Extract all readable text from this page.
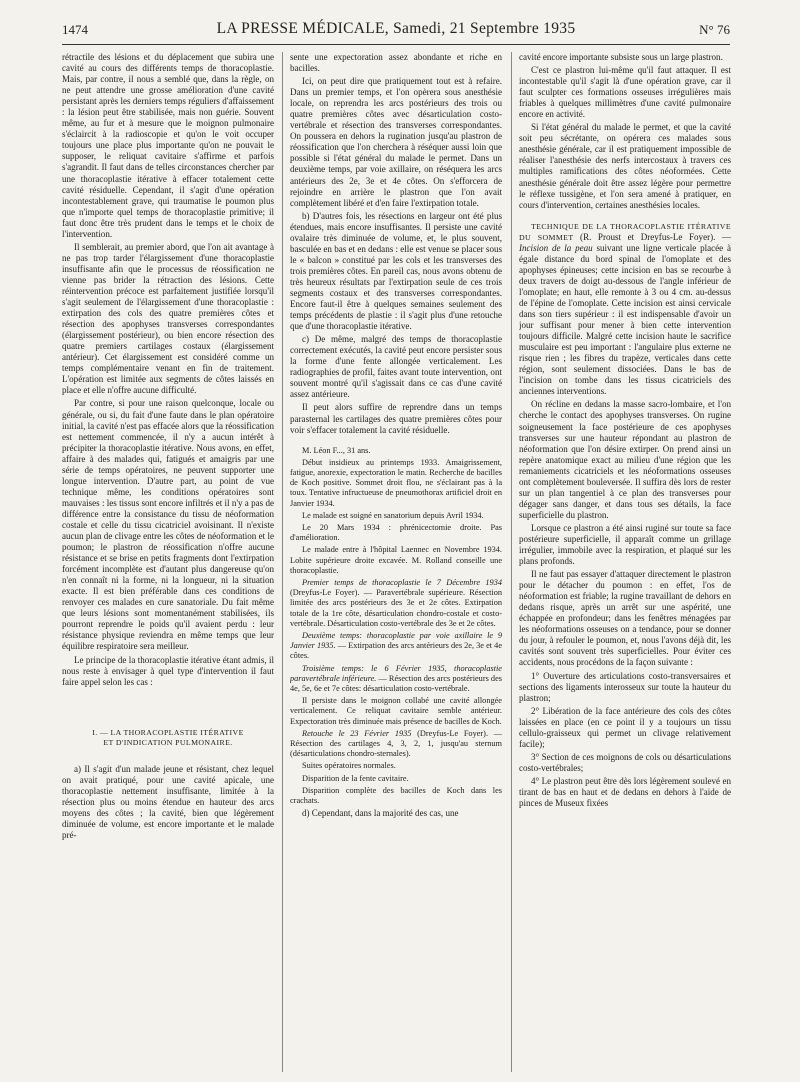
1474	LA PRESSE MÉDICALE, Samedi, 21 Septembre 1935	N° 76

rétractile des lésions et du déplacement que subira une cavité au cours des différents temps de thoracoplastie. Mais, par contre, il nous a semblé que, dans la règle, on ne peut attendre une grosse amélioration d'une cavité persistant après les derniers temps réguliers d'affaissement : la lésion peut être stabilisée, mais non guérie. Souvent même, au fur et à mesure que le moignon pulmonaire s'éclaircit à la radioscopie et qu'on le voit occuper toujours une place plus importante qu'on ne pouvait le supposer, le reliquat cavitaire s'affirme et parfois s'agrandit. Il faut dans de telles circonstances chercher par une thoracoplastie itérative à effacer totalement cette cavité résiduelle. Cependant, il s'agit d'une opération incontestablement grave, qui traumatise le poumon plus que n'importe quel temps de thoracoplastie primitive; il faut donc être très prudent dans le temps et le choix de l'intervention.

Il semblerait, au premier abord, que l'on ait avantage à ne pas trop tarder l'élargissement d'une thoracoplastie insuffisante afin que le processus de réossification ne vienne pas brider la rétraction des lésions. Cette réintervention précoce est parfaitement justifiée lorsqu'il s'agit seulement de l'élargissement d'une thoracoplastie : extirpation des cols des quatre premières côtes et résection des apophyses transverses correspondantes (élargissement postérieur), ou bien encore résection des quatre premiers cartilages costaux (élargissement antérieur). Cet élargissement est considéré comme un temps complémentaire venant en fin de traitement. L'opération est limitée aux segments de côtes laissés en place et elle n'offre aucune difficulté.

Par contre, si pour une raison quelconque, locale ou générale, ou si, du fait d'une faute dans le plan opératoire initial, la cavité n'est pas effacée alors que la réossification est nettement commencée, il n'y a aucun intérêt à précipiter la thoracoplastie itérative. Nous avons, en effet, affaire à des malades qui, fatigués et amaigris par une série de temps opératoires, ne peuvent supporter une longue intervention. D'autre part, au point de vue technique même, les conditions opératoires sont mauvaises : les tissus sont encore infiltrés et il n'y a pas de différence entre la consistance du tissu de néoformation costale et celle du tissu cicatriciel avoisinant. Il n'existe aucun plan de clivage entre les côtes de néoformation et le poumon; le plastron de réossification n'offre aucune résistance et se brise en petits fragments dont l'extirpation forcément incomplète est d'autant plus dangereuse qu'on n'en connaît ni la forme, ni la longueur, ni la situation exacte. Il est bien préférable dans ces conditions de renvoyer ces malades en cure sanatoriale. Du fait même que leurs lésions sont momentanément stabilisées, ils pourront reprendre le poids qu'il avaient perdu : leur résistance physique reviendra en même temps que leur équilibre respiratoire sera meilleur.

Le principe de la thoracoplastie itérative étant admis, il nous reste à envisager à quel type d'intervention il faut faire appel selon les cas :

I. — LA THORACOPLASTIE ITÉRATIVE
ET D'INDICATION PULMONAIRE.

a) Il s'agit d'un malade jeune et résistant, chez lequel on avait pratiqué, pour une cavité apicale, une thoracoplastie nettement insuffisante, limitée à la résection plus ou moins étendue en hauteur des arcs moyens des côtes ; la cavité, bien que légèrement diminuée de volume, est encore importante et le malade pré-

sente une expectoration assez abondante et riche en bacilles.

Ici, on peut dire que pratiquement tout est à refaire. Dans un premier temps, et l'on opèrera sous anesthésie locale, on reprendra les arcs postérieurs des trois ou quatre premières côtes avec désarticulation costo-vertébrale et résection des transverses correspondantes. On poussera en dehors la rugination jusqu'au plastron de réossification que l'on cherchera à réséquer aussi loin que possible si l'état général du malade le permet. Dans un deuxième temps, par voie axillaire, on réséquera les arcs antérieurs des 2e, 3e et 4e côtes. On s'efforcera de rejoindre en arrière le plastron que l'on avait complètement libéré et d'en faire l'extirpation totale.

b) D'autres fois, les résections en largeur ont été plus étendues, mais encore insuffisantes. Il persiste une cavité ovalaire très diminuée de volume, et, le plus souvent, basculée en bas et en dedans : elle est venue se placer sous le « balcon » constitué par les cols et les transverses des trois premières côtes. En pareil cas, nous avons obtenu de très heureux résultats par l'extirpation seule de ces trois segments costaux et des transverses correspondantes. Encore faut-il être à quelques semaines seulement des temps précédents de plastie : il s'agit plus d'une retouche que d'une thoracoplastie itérative.

c) De même, malgré des temps de thoracoplastie correctement exécutés, la cavité peut encore persister sous la forme d'une fente allongée verticalement. Les radiographies de profil, faites avant toute intervention, ont souvent montré qu'il s'agissait dans ce cas d'une cavité assez antérieure.

Il peut alors suffire de reprendre dans un temps parasternal les cartilages des quatre premières côtes pour voir s'effacer totalement la cavité résiduelle.

M. Léon F..., 31 ans.

Début insidieux au printemps 1933. Amaigrissement, fatigue, anorexie, expectoration le matin. Recherche de bacilles de Koch positive. Sommet droit flou, ne s'éclairant pas à la toux. Tentative infructueuse de pneumothorax artificiel droit en Janvier 1934.

Le malade est soigné en sanatorium depuis Avril 1934.

Le 20 Mars 1934 : phrénicectomie droite. Pas d'amélioration.

Le malade entre à l'hôpital Laennec en Novembre 1934. Lobite supérieure droite excavée. M. Rolland conseille une thoracoplastie.

Premier temps de thoracoplastie le 7 Décembre 1934 (Dreyfus-Le Foyer). — Paravertébrale supérieure. Résection limitée des arcs postérieurs des 3e et 2e côtes. Extirpation totale de la 1re côte, désarticulation chondro-costale et costo-vertébrale. Désarticulation costo-vertébrale des 3e et 2e côtes.

Deuxième temps: thoracoplastie par voie axillaire le 9 Janvier 1935. — Extirpation des arcs antérieurs des 2e, 3e et 4e côtes.

Troisième temps: le 6 Février 1935, thoracoplastie paravertébrale inférieure. — Résection des arcs postérieurs des 4e, 5e, 6e et 7e côtes: désarticulation costo-vertébrale.

Il persiste dans le moignon collabé une cavité allongée verticalement. Ce reliquat cavitaire semble antérieur. Expectoration très diminuée mais présence de bacilles de Koch.

Retouche le 23 Février 1935 (Dreyfus-Le Foyer). — Résection des cartilages 4, 3, 2, 1, jusqu'au sternum (désarticulations chondro-sternales).

Suites opératoires normales.

Disparition de la fente cavitaire.

Disparition complète des bacilles de Koch dans les crachats.

d) Cependant, dans la majorité des cas, une

cavité encore importante subsiste sous un large plastron.

C'est ce plastron lui-même qu'il faut attaquer. Il est incontestable qu'il s'agit là d'une opération grave, car il faut sculpter ces formations osseuses irrégulières mais friables à quelques millimètres d'une cavité pulmonaire encore en activité.

Si l'état général du malade le permet, et que la cavité soit peu sécrétante, on opérera ces malades sous anesthésie générale, car il est pratiquement impossible de réaliser l'anesthésie des nerfs intercostaux à travers ces multiples ramifications des côtes néoformées. Cette anesthésie générale doit être assez légère pour permettre le réflexe tussigène, et l'on sera amené à pratiquer, en cours d'intervention, certaines anesthésies locales.

TECHNIQUE DE LA THORACOPLASTIE ITÉRATIVE DU SOMMET (R. Proust et Dreyfus-Le Foyer). — Incision de la peau suivant une ligne verticale placée à égale distance du bord spinal de l'omoplate et des apophyses épineuses; cette incision en bas se recourbe à deux travers de doigt au-dessous de l'angle inférieur de l'omoplate; en haut, elle remonte à 3 ou 4 cm. au-dessus de l'épine de l'omoplate. Cette incision est ainsi cervicale dans son tiers supérieur : il est indispensable d'avoir un jour suffisant pour mener à bien cette intervention toujours difficile. Malgré cette incision haute le sacrifice musculaire est peu important : l'angulaire plus externe ne risque rien ; les fibres du trapèze, verticales dans cette région, sont seulement dissociées. Dans le bas de l'incision on tombe dans les tissus cicatriciels des anciennes interventions.

On récline en dedans la masse sacro-lombaire, et l'on cherche le contact des apophyses transverses. On rugine soigneusement la face postérieure de ces apophyses transverses sur une hauteur répondant au plastron de néoformation que l'on désire extirper. On prend ainsi un repère anatomique exact au milieu d'une région que les remaniements cicatriciels et les néoformations osseuses ont complètement bouleversée. Il suffira dès lors de rester sur un plan tangentiel à ce plan des transverses pour dégager sans danger, et dans tous ses détails, la face superficielle du plastron.

Lorsque ce plastron a été ainsi ruginé sur toute sa face postérieure superficielle, il apparaît comme un grillage irrégulier, immobile avec la respiration, et plaqué sur les plans profonds.

Il ne faut pas essayer d'attaquer directement le plastron pour le détacher du poumon : en effet, l'os de néoformation est friable; la rugine travaillant de dehors en dedans risque, après un arrêt sur une aspérité, une échappée en profondeur; dans les fenêtres ménagées par les néoformations osseuses on a tendance, pour se donner du jour, à refouler le poumon, et, nous l'avons déjà dit, les cavités sont souvent très superficielles. Pour éviter ces accidents, nous procédons de la façon suivante :

1° Ouverture des articulations costo-transversaires et sections des ligaments interosseux sur toute la hauteur du plastron;

2° Libération de la face antérieure des cols des côtes laissées en place (en ce point il y a toujours un tissu cellulo-graisseux qui permet un clivage relativement facile);

3° Section de ces moignons de cols ou désarticulations costo-vertébrales;

4° Le plastron peut être dès lors légèrement soulevé en tirant de bas en haut et de dedans en dehors à l'aide de pinces de Museux fixées
